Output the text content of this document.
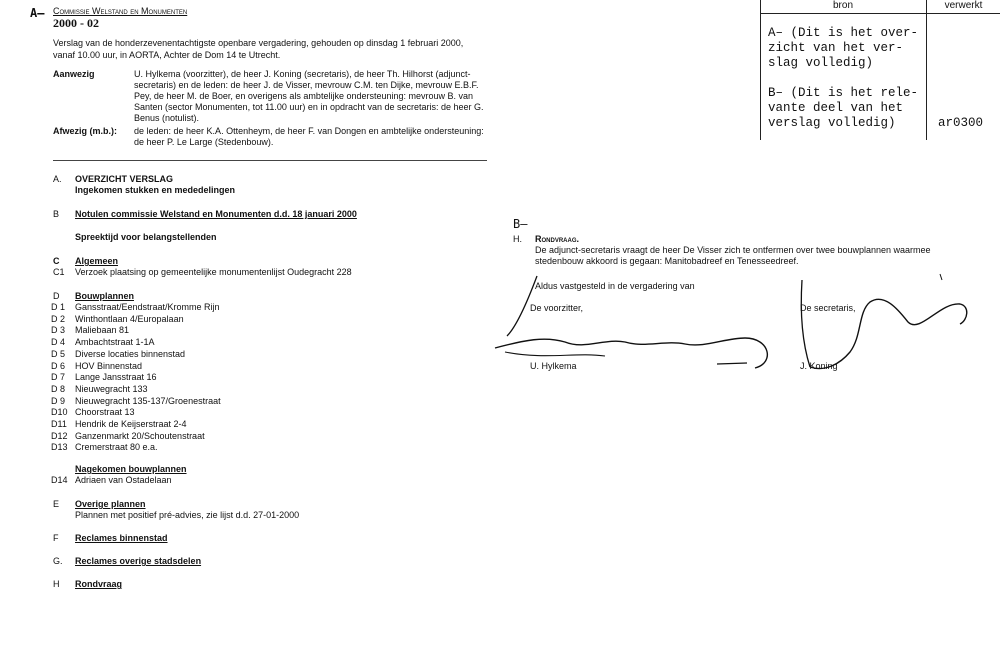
A– Commissie Welstand en Monumenten
2000 - 02
Verslag van de honderzevenentachtigste openbare vergadering, gehouden op dinsdag 1 februari 2000, vanaf 10.00 uur, in AORTA, Achter de Dom 14 te Utrecht.
Aanwezig	U. Hylkema (voorzitter), de heer J. Koning (secretaris), de heer Th. Hilhorst (adjunct-secretaris) en de leden: de heer J. de Visser, mevrouw C.M. ten Dijke, mevrouw E.B.F. Pey, de heer M. de Boer, en overigens als ambtelijke ondersteuning: mevrouw B. van Santen (sector Monumenten, tot 11.00 uur) en in opdracht van de secretaris: de heer G. Benus (notulist).
Afwezig (m.b.): de leden: de heer K.A. Ottenheym, de heer F. van Dongen en ambtelijke ondersteuning: de heer P. Le Large (Stedenbouw).
A. OVERZICHT VERSLAG
Ingekomen stukken en mededelingen
B Notulen commissie Welstand en Monumenten d.d. 18 januari 2000
Spreektijd voor belangstellenden
C Algemeen
C1 Verzoek plaatsing op gemeentelijke monumentenlijst Oudegracht 228
D Bouwplannen
D 1 Gansstraat/Eendstraat/Kromme Rijn
D 2 Winthontlaan 4/Europalaan
D 3 Maliebaan 81
D 4 Ambachtstraat 1-1A
D 5 Diverse locaties binnenstad
D 6 HOV Binnenstad
D 7 Lange Jansstraat 16
D 8 Nieuwegracht 133
D 9 Nieuwegracht 135-137/Groenestraat
D10 Choorstraat 13
D11 Hendrik de Keijserstraat 2-4
D12 Ganzenmarkt 20/Schoutenstraat
D13 Cremerstraat 80 e.a.
Nagekomen bouwplannen
D14 Adriaen van Ostadelaan
E Overige plannen
Plannen met positief pré-advies, zie lijst d.d. 27-01-2000
F Reclames binnenstad
G. Reclames overige stadsdelen
H Rondvraag
bron	verwerkt
A– (Dit is het over-
zicht van het ver-
slag volledig)
B– (Dit is het rele-
vante deel van het
verslag volledig)	ar0300
B–
H. Rondvraag.
De adjunct-secretaris vraagt de heer De Visser zich te ontfermen over twee bouwplannen waarmee stedenbouw akkoord is gegaan: Manitobadreef en Tenesseedreef.
Aldus vastgesteld in de vergadering van
De voorzitter,	De secretaris,
U. Hylkema	J. Koning
